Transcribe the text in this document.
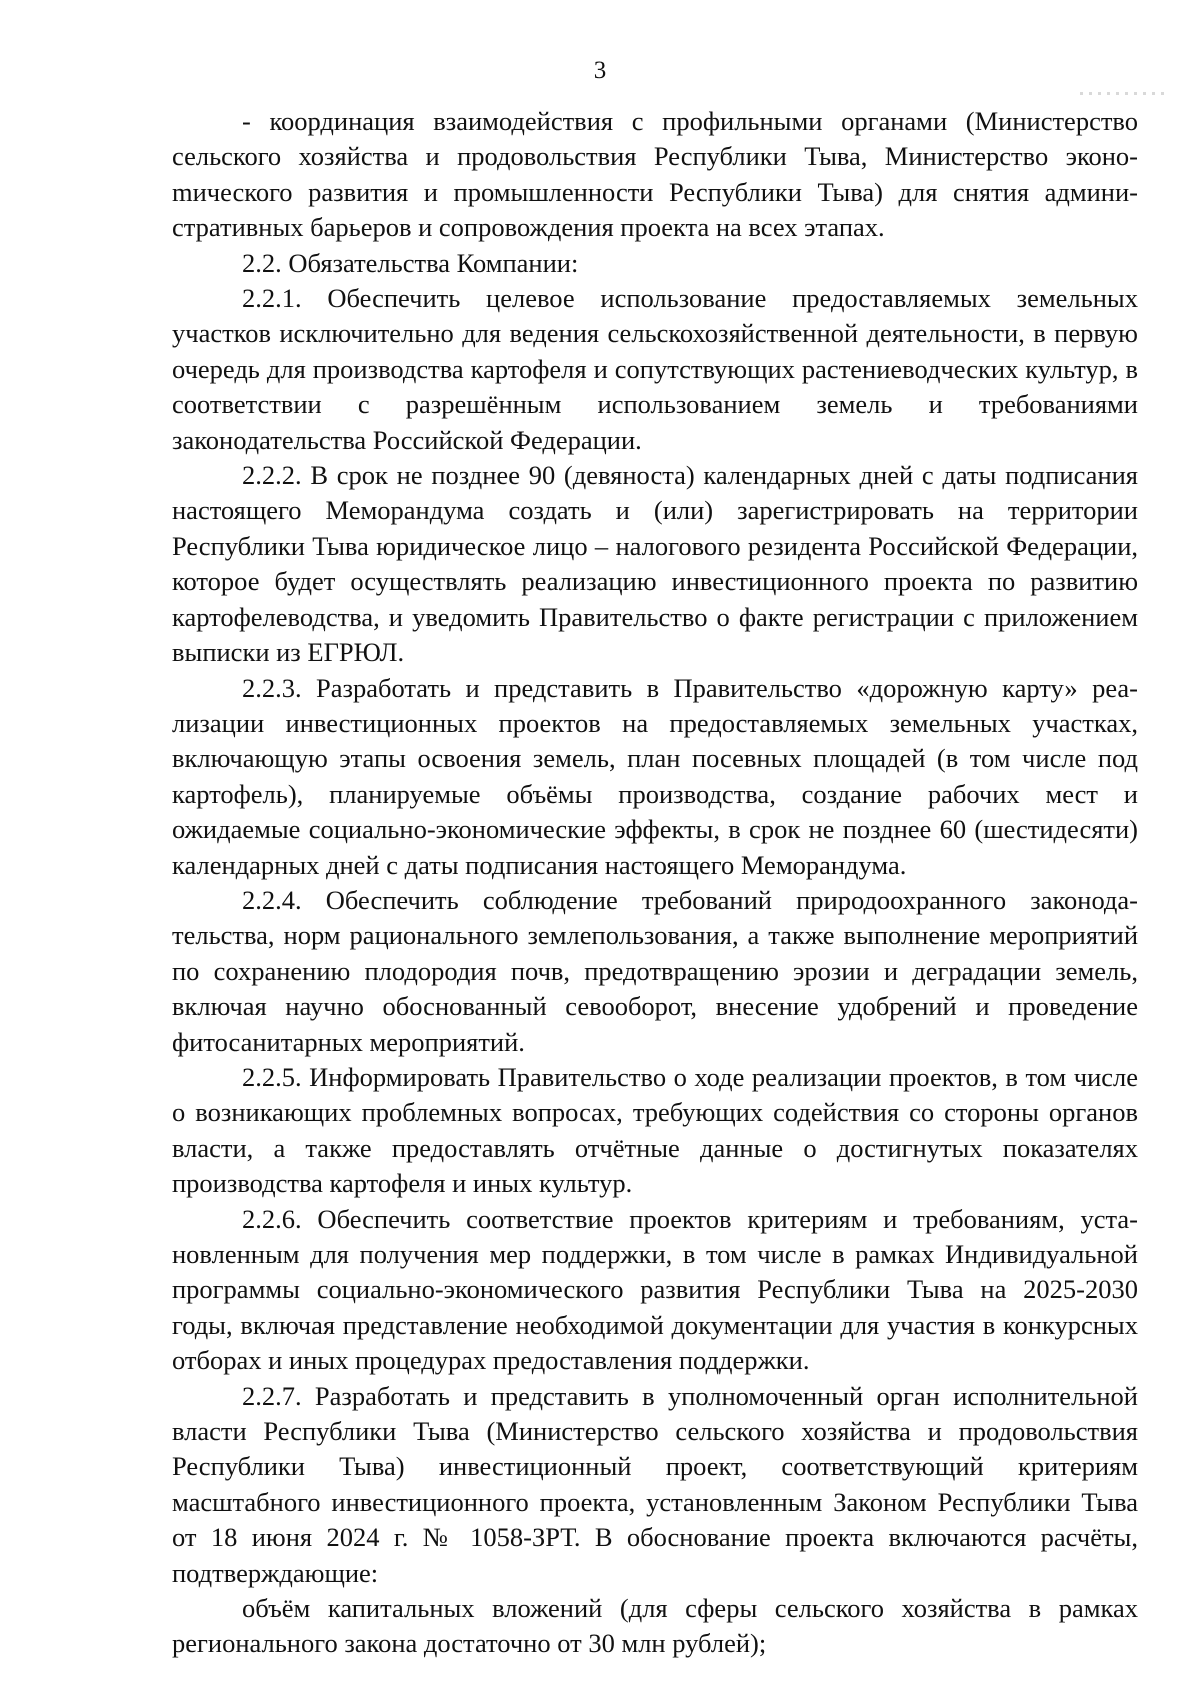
3

- координация взаимодействия с профильными органами (Министерство сельского хозяйства и продовольствия Республики Тыва, Министерство эконоmического развития и промышленности Республики Тыва) для снятия административных барьеров и сопровождения проекта на всех этапах.

2.2. Обязательства Компании:

2.2.1. Обеспечить целевое использование предоставляемых земельных участков исключительно для ведения сельскохозяйственной деятельности, в первую очередь для производства картофеля и сопутствующих растениеводческих культур, в соответствии с разрешённым использованием земель и требованиями законодательства Российской Федерации.

2.2.2. В срок не позднее 90 (девяноста) календарных дней с даты подписания настоящего Меморандума создать и (или) зарегистрировать на территории Республики Тыва юридическое лицо – налогового резидента Российской Федерации, которое будет осуществлять реализацию инвестиционного проекта по развитию картофелеводства, и уведомить Правительство о факте регистрации с приложением выписки из ЕГРЮЛ.

2.2.3. Разработать и представить в Правительство «дорожную карту» реализации инвестиционных проектов на предоставляемых земельных участках, включающую этапы освоения земель, план посевных площадей (в том числе под картофель), планируемые объёмы производства, создание рабочих мест и ожидаемые социально-экономические эффекты, в срок не позднее 60 (шестидесяти) календарных дней с даты подписания настоящего Меморандума.

2.2.4. Обеспечить соблюдение требований природоохранного законодательства, норм рационального землепользования, а также выполнение мероприятий по сохранению плодородия почв, предотвращению эрозии и деградации земель, включая научно обоснованный севооборот, внесение удобрений и проведение фитосанитарных мероприятий.

2.2.5. Информировать Правительство о ходе реализации проектов, в том числе о возникающих проблемных вопросах, требующих содействия со стороны органов власти, а также предоставлять отчётные данные о достигнутых показателях производства картофеля и иных культур.

2.2.6. Обеспечить соответствие проектов критериям и требованиям, установленным для получения мер поддержки, в том числе в рамках Индивидуальной программы социально-экономического развития Республики Тыва на 2025-2030 годы, включая представление необходимой документации для участия в конкурсных отборах и иных процедурах предоставления поддержки.

2.2.7. Разработать и представить в уполномоченный орган исполнительной власти Республики Тыва (Министерство сельского хозяйства и продовольствия Республики Тыва) инвестиционный проект, соответствующий критериям масштабного инвестиционного проекта, установленным Законом Республики Тыва от 18 июня 2024 г. № 1058-ЗРТ. В обоснование проекта включаются расчёты, подтверждающие:

объём капитальных вложений (для сферы сельского хозяйства в рамках регионального закона достаточно от 30 млн рублей);
